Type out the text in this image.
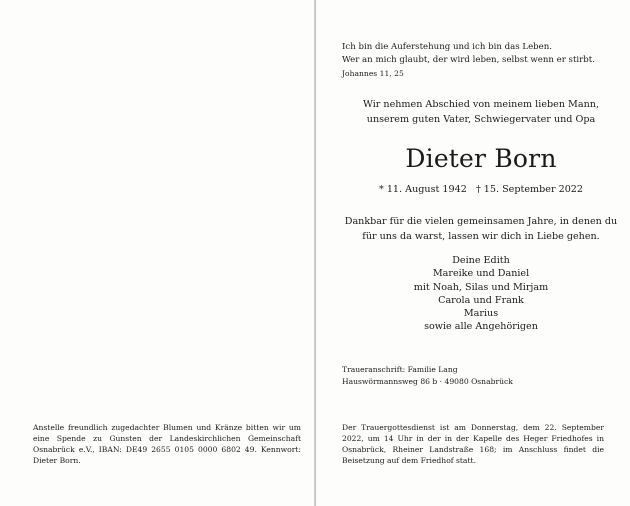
Anstelle freundlich zugedachter Blumen und Kränze bitten wir um eine Spende zu Gunsten der Landeskirchlichen Gemeinschaft Osnabrück e.V., IBAN: DE49 2655 0105 0000 6802 49. Kennwort: Dieter Born.
Ich bin die Auferstehung und ich bin das Leben.
Wer an mich glaubt, der wird leben, selbst wenn er stirbt.
Johannes 11, 25
Wir nehmen Abschied von meinem lieben Mann,
unserem guten Vater, Schwiegervater und Opa
Dieter Born
* 11. August 1942   † 15. September 2022
Dankbar für die vielen gemeinsamen Jahre, in denen du
für uns da warst, lassen wir dich in Liebe gehen.
Deine Edith
Mareike und Daniel
mit Noah, Silas und Mirjam
Carola und Frank
Marius
sowie alle Angehörigen
Traueranschrift: Familie Lang
Hauswörmannsweg 86 b · 49080 Osnabrück
Der Trauergottesdienst ist am Donnerstag, dem 22. September 2022, um 14 Uhr in der in der Kapelle des Heger Friedhofes in Osnabrück, Rheiner Landstraße 168; im Anschluss findet die Beisetzung auf dem Friedhof statt.
